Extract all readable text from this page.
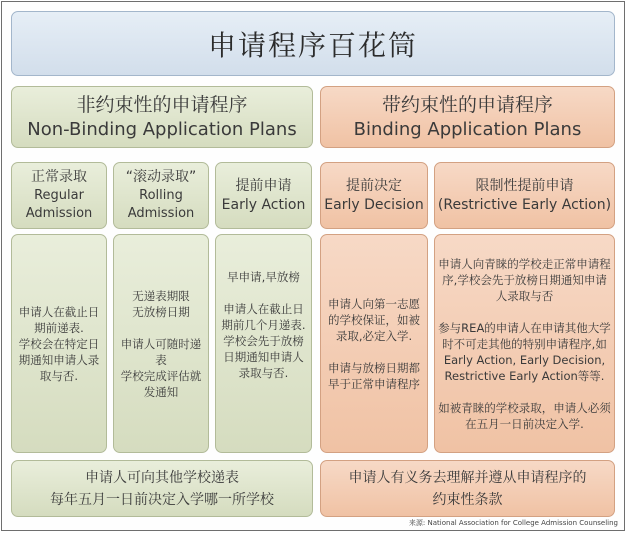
申请程序百花筒
非约束性的申请程序
Non-Binding Application Plans
带约束性的申请程序
Binding Application Plans
正常录取
Regular
Admission
“滚动录取”
Rolling
Admission
提前申请
Early Action
提前决定
Early Decision
限制性提前申请
(Restrictive Early Action)

申请人在截止日期前递表.

学校会在特定日期通知申请人录取与否.

无递表期限

无放榜日期

申请人可随时递表

学校完成评估就发通知

早申请,早放榜

申请人在截止日期前几个月递表.

学校会先于放榜日期通知申请人录取与否.

申请人向第一志愿的学校保证，如被录取,必定入学.

申请与放榜日期都早于正常申请程序

申请人向青睐的学校走正常申请程序,学校会先于放榜日期通知申请人录取与否

参与REA的申请人在申请其他大学时不可走其他的特别申请程序,如Early Action, Early Decision, Restrictive Early Action等等.

如被青睐的学校录取，申请人必须在五月一日前决定入学.

申请人可向其他学校递表
每年五月一日前决定入学哪一所学校
申请人有义务去理解并遵从申请程序的
约束性条款
来源: National Association for College Admission Counseling
